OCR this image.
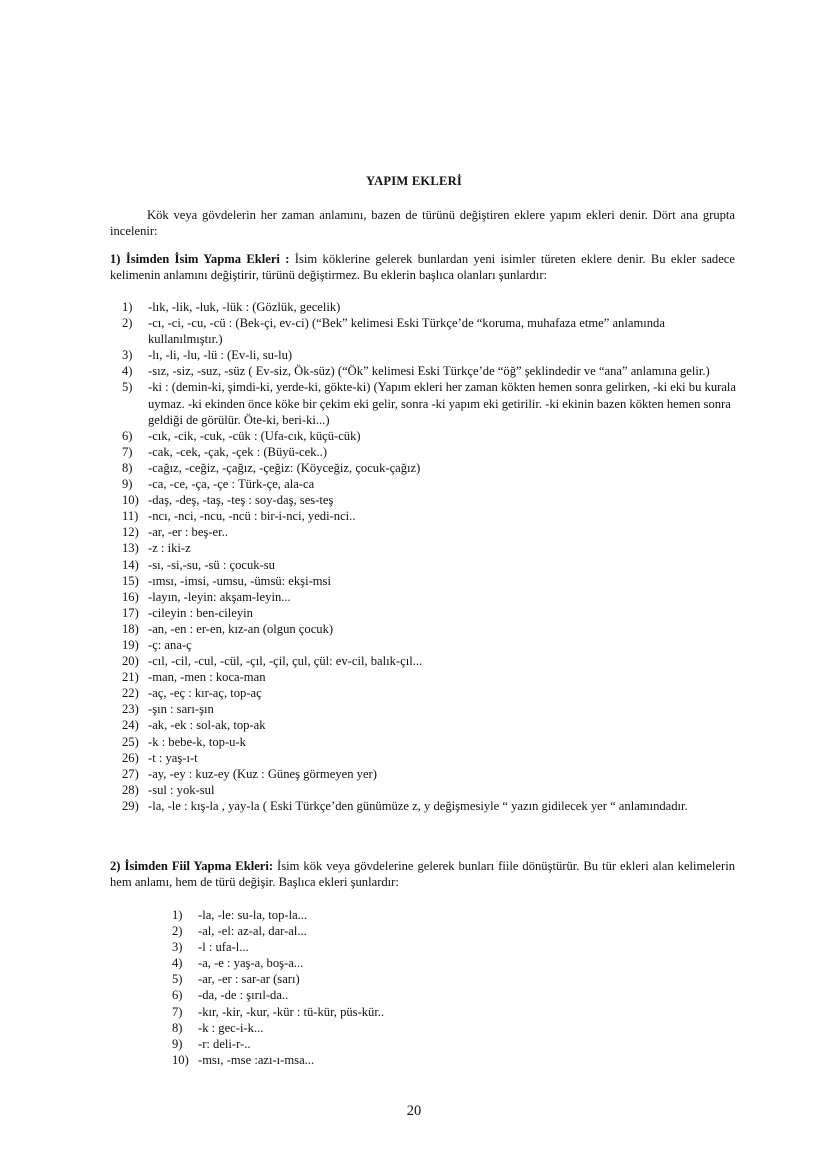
YAPIM EKLERİ

Kök veya gövdelerin her zaman anlamını, bazen de türünü değiştiren eklere yapım ekleri denir. Dört ana grupta incelenir:

1) İsimden İsim Yapma Ekleri : İsim köklerine gelerek bunlardan yeni isimler türeten eklere denir. Bu ekler sadece kelimenin anlamını değiştirir, türünü değiştirmez. Bu eklerin başlıca olanları şunlardır:

1) -lık, -lik, -luk, -lük : (Gözlük, gecelik)
2) -cı, -ci, -cu, -cü : (Bek-çi, ev-ci) (“Bek” kelimesi Eski Türkçe’de “koruma, muhafaza etme” anlamında kullanılmıştır.)
3) -lı, -li, -lu, -lü : (Ev-li, su-lu)
4) -sız, -siz, -suz, -süz ( Ev-siz, Ök-süz) (“Ök” kelimesi Eski Türkçe’de “öğ” şeklindedir ve “ana” anlamına gelir.)
5) -ki : (demin-ki, şimdi-ki, yerde-ki, gökte-ki) (Yapım ekleri her zaman kökten hemen sonra gelirken, -ki eki bu kurala uymaz. -ki ekinden önce köke bir çekim eki gelir, sonra -ki yapım eki getirilir. -ki ekinin bazen kökten hemen sonra geldiği de görülür. Öte-ki, beri-ki...)
6) -cık, -cik, -cuk, -cük : (Ufa-cık, küçü-cük)
7) -cak, -cek, -çak, -çek : (Büyü-cek..)
8) -cağız, -ceğiz, -çağız, -çeğiz: (Köyceğiz, çocuk-çağız)
9) -ca, -ce, -ça, -çe : Türk-çe, ala-ca
10) -daş, -deş, -taş, -teş : soy-daş, ses-teş
11) -ncı, -nci, -ncu, -ncü : bir-i-nci, yedi-nci..
12) -ar, -er : beş-er..
13) -z : iki-z
14) -sı, -si,-su, -sü : çocuk-su
15) -ımsı, -imsi, -umsu, -ümsü: ekşi-msi
16) -layın, -leyin: akşam-leyin...
17) -cileyin : ben-cileyin
18) -an, -en : er-en, kız-an (olgun çocuk)
19) -ç: ana-ç
20) -cıl, -cil, -cul, -cül, -çıl, -çil, çul, çül: ev-cil, balık-çıl...
21) -man, -men : koca-man
22) -aç, -eç : kır-aç, top-aç
23) -şın : sarı-şın
24) -ak, -ek : sol-ak, top-ak
25) -k : bebe-k, top-u-k
26) -t : yaş-ı-t
27) -ay, -ey : kuz-ey (Kuz : Güneş görmeyen yer)
28) -sul : yok-sul
29) -la, -le : kış-la , yay-la ( Eski Türkçe’den günümüze z, y değişmesiyle “ yazın gidilecek yer “ anlamındadır.

2) İsimden Fiil Yapma Ekleri: İsim kök veya gövdelerine gelerek bunları fiile dönüştürür. Bu tür ekleri alan kelimelerin hem anlamı, hem de türü değişir. Başlıca ekleri şunlardır:

1) -la, -le: su-la, top-la...
2) -al, -el: az-al, dar-al...
3) -l : ufa-l...
4) -a, -e : yaş-a, boş-a...
5) -ar, -er : sar-ar (sarı)
6) -da, -de : şırıl-da..
7) -kır, -kir, -kur, -kür : tü-kür, püs-kür..
8) -k : gec-i-k...
9) -r: deli-r-..
10) -msı, -mse :azı-ı-msa...
20
